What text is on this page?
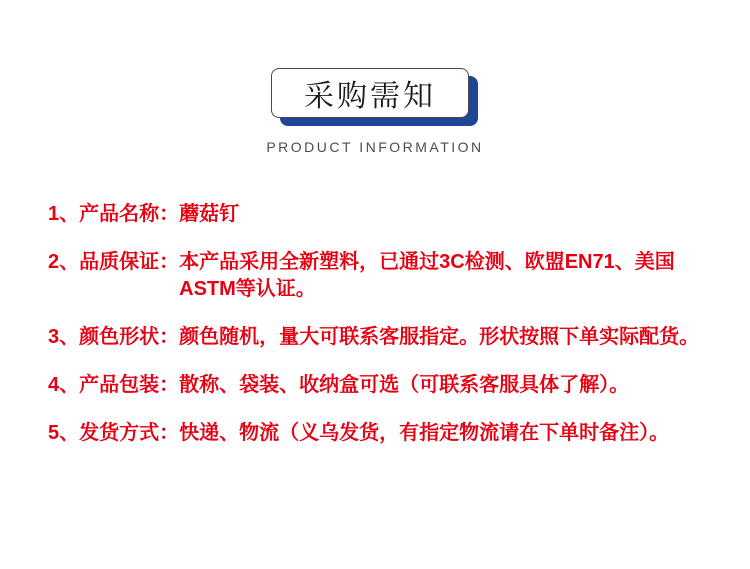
采购需知
PRODUCT INFORMATION
1、 产品名称： 蘑菇钉
2、 品质保证： 本产品采用全新塑料，已通过3C检测、欧盟EN71、美国ASTM等认证。
3、 颜色形状： 颜色随机，量大可联系客服指定。形状按照下单实际配货。
4、 产品包装： 散称、袋装、收纳盒可选（可联系客服具体了解）。
5、 发货方式： 快递、物流（义乌发货，有指定物流请在下单时备注）。
